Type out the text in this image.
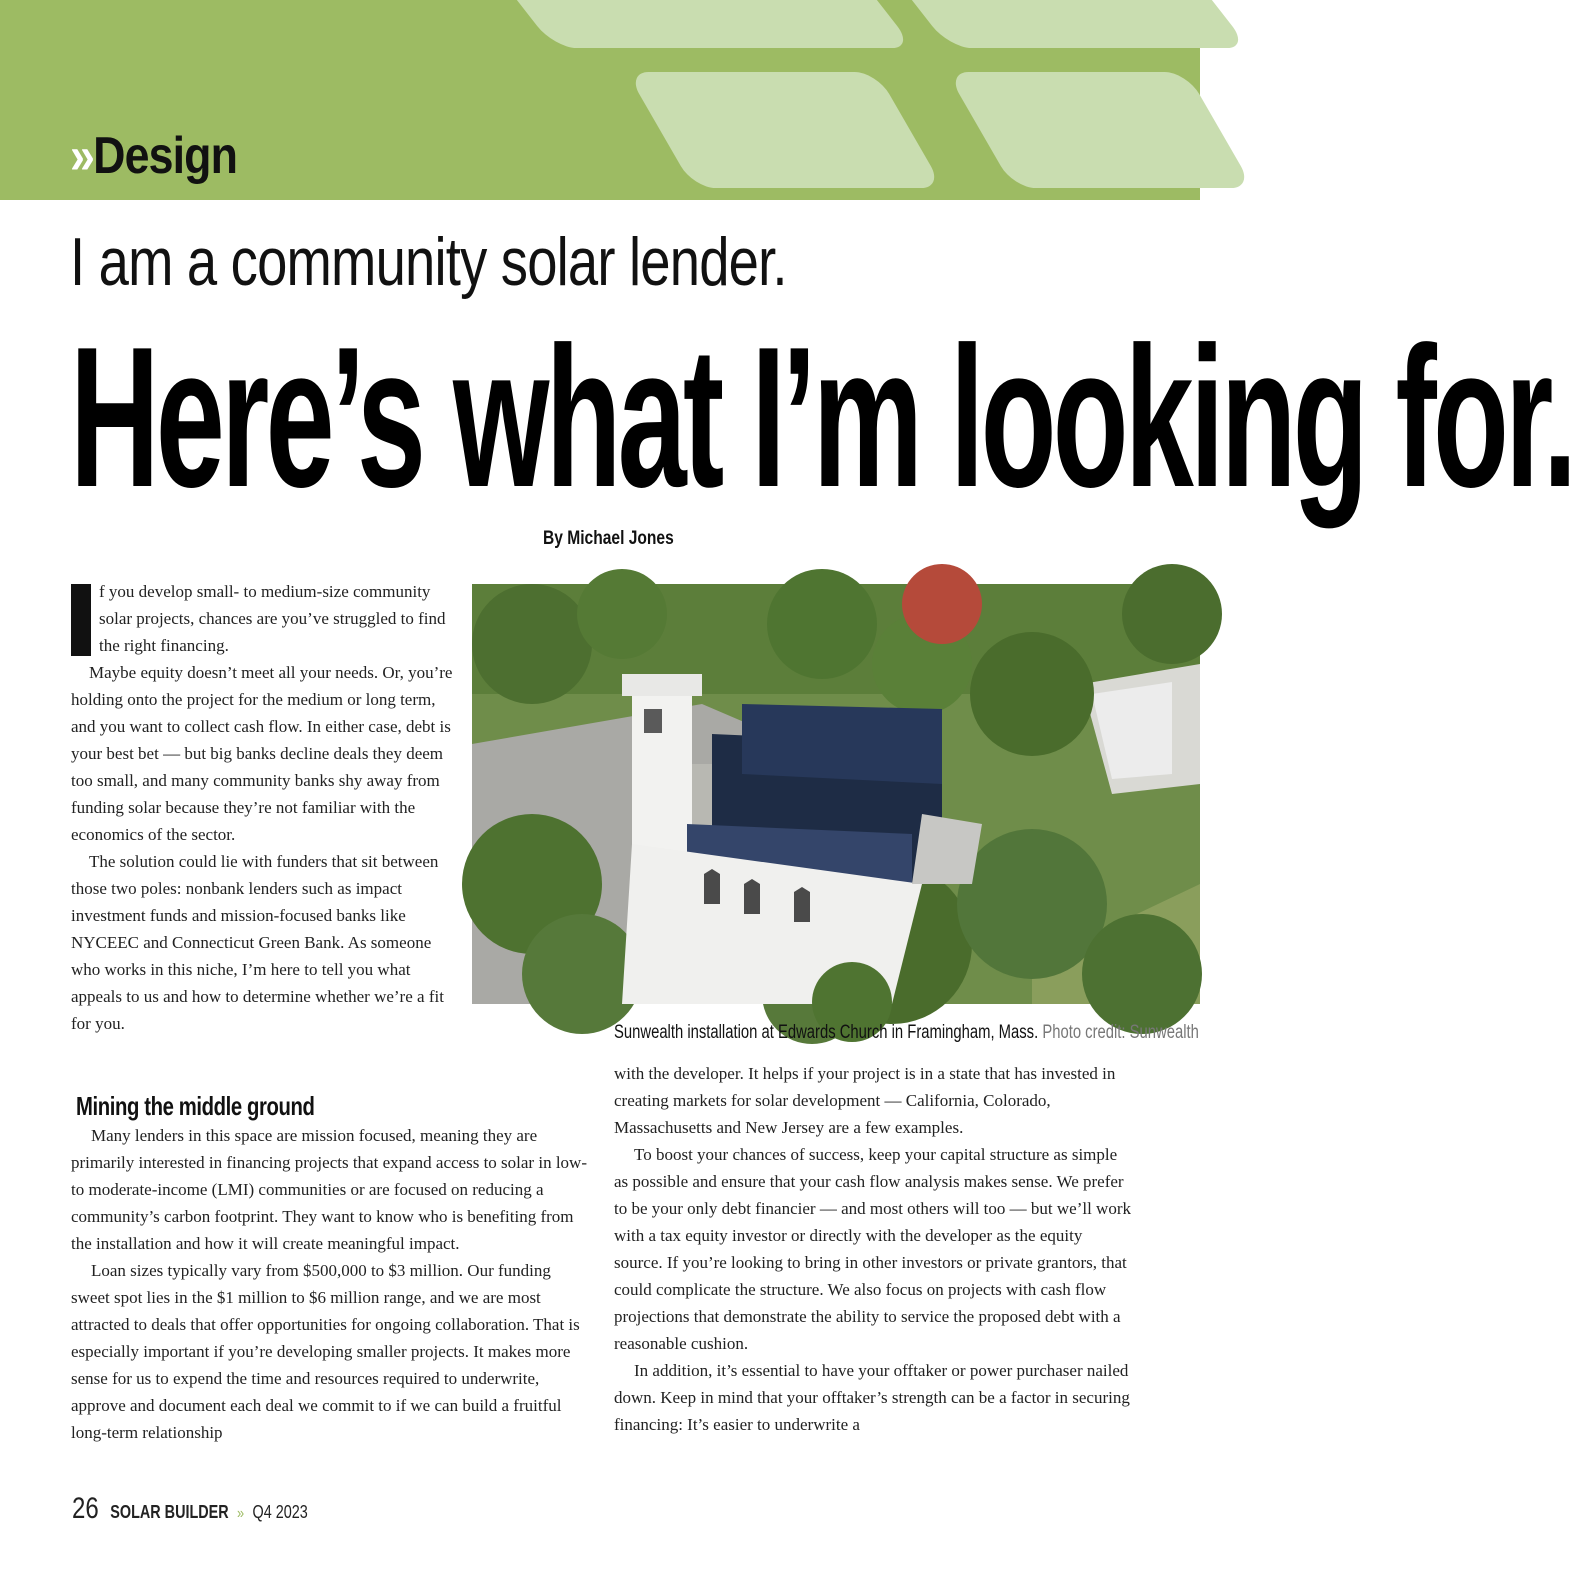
»Design
I am a community solar lender.
Here’s what I’m looking for.
By Michael Jones

f you develop small- to medium-size community solar projects, chances are you’ve struggled to find the right financing.

Maybe equity doesn’t meet all your needs. Or, you’re holding onto the project for the medium or long term, and you want to collect cash flow. In either case, debt is your best bet — but big banks decline deals they deem too small, and many community banks shy away from funding solar because they’re not familiar with the economics of the sector.

The solution could lie with funders that sit between those two poles: nonbank lenders such as impact investment funds and mission-focused banks like NYCEEC and Connecticut Green Bank. As someone who works in this niche, I’m here to tell you what appeals to us and how to determine whether we’re a fit for you.	Sunwealth installation at Edwards Church in Framingham, Mass. Photo credit: Sunwealth
Mining the middle ground

Many lenders in this space are mission focused, meaning they are primarily interested in financing projects that expand access to solar in low- to moderate-income (LMI) communities or are focused on reducing a community’s carbon footprint. They want to know who is benefiting from the installation and how it will create meaningful impact.

Loan sizes typically vary from $500,000 to $3 million. Our funding sweet spot lies in the $1 million to $6 million range, and we are most attracted to deals that offer opportunities for ongoing collaboration. That is especially important if you’re developing smaller projects. It makes more sense for us to expend the time and resources required to underwrite, approve and document each deal we commit to if we can build a fruitful long-term relationship

with the developer. It helps if your project is in a state that has invested in creating markets for solar development — California, Colorado, Massachusetts and New Jersey are a few examples.

To boost your chances of success, keep your capital structure as simple as possible and ensure that your cash flow analysis makes sense. We prefer to be your only debt financier — and most others will too — but we’ll work with a tax equity investor or directly with the developer as the equity source. If you’re looking to bring in other investors or private grantors, that could complicate the structure. We also focus on projects with cash flow projections that demonstrate the ability to service the proposed debt with a reasonable cushion.

In addition, it’s essential to have your offtaker or power purchaser nailed down. Keep in mind that your offtaker’s strength can be a factor in securing financing: It’s easier to underwrite a

26 SOLAR BUILDER » Q4 2023
